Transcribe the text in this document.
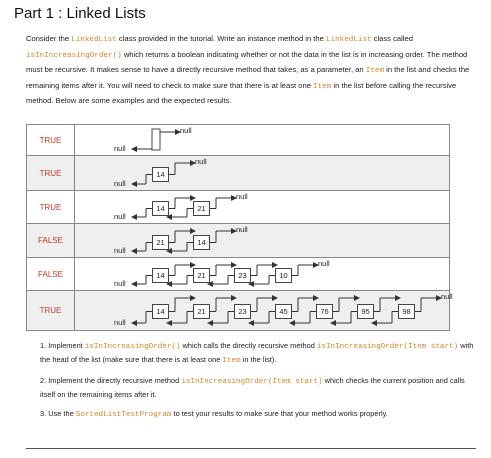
Part 1 : Linked Lists
Consider the LinkedList class provided in the tutorial. Write an instance method in the LinkedList class called isInIncreasingOrder() which returns a boolean indicating whether or not the data in the list is in increasing order. The method must be recursive. It makes sense to have a directly recursive method that takes, as a parameter, an Item in the list and checks the remaining items after it. You will need to check to make sure that there is at least one Item in the list before calling the recursive method. Below are some examples and the expected results.
TRUE
null
null
TRUE
null
14
null
TRUE
null
14	21
null
FALSE
null
21	14
null
FALSE
null
14	21	23	10
null
TRUE
null
14	21	23	45	76	95	98
null
1. Implement isInIncreasingOrder() which calls the directly recursive method isInIncreasingOrder(Item start) with the head of the list (make sure that there is at least one Item in the list).
2. Implement the directly recursive method isInIncreasingOrder(Item start) which checks the current position and calls itself on the remaining items after it.
3. Use the SortedListTestProgram to test your results to make sure that your method works properly.
